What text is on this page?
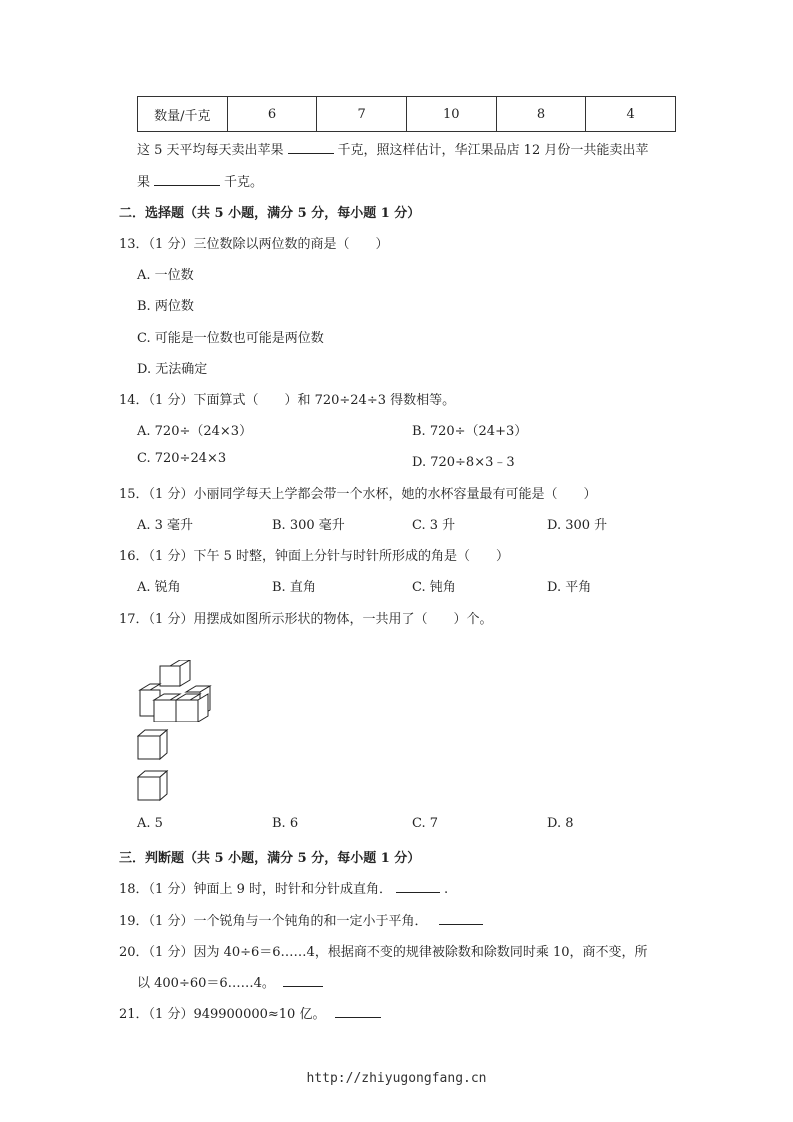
数量/千克	6	7	10	8	4
这 5 天平均每天卖出苹果	千克，照这样估计，华江果品店 12 月份一共能卖出苹
果	千克。
二．选择题（共 5 小题，满分 5 分，每小题 1 分）
13．（1 分）三位数除以两位数的商是（　　）
A. 一位数
B. 两位数
C. 可能是一位数也可能是两位数
D. 无法确定
14．（1 分）下面算式（　　）和 720÷24÷3 得数相等。
A. 720÷（24×3）	B. 720÷（24+3）
C. 720÷24×3	D. 720÷8×3﹣3
15．（1 分）小丽同学每天上学都会带一个水杯，她的水杯容量最有可能是（　　）
A. 3 毫升	B. 300 毫升	C. 3 升	D. 300 升
16．（1 分）下午 5 时整，钟面上分针与时针所形成的角是（　　）
A. 锐角	B. 直角	C. 钝角	D. 平角
17．（1 分）用摆成如图所示形状的物体，一共用了（　　）个。
A. 5	B. 6	C. 7	D. 8
三．判断题（共 5 小题，满分 5 分，每小题 1 分）
18．（1 分）钟面上 9 时，时针和分针成直角．	.
19．（1 分）一个锐角与一个钝角的和一定小于平角．
20．（1 分）因为 40÷6＝6……4，根据商不变的规律被除数和除数同时乘 10，商不变，所
以 400÷60＝6……4。
21．（1 分）949900000≈10 亿。
http://zhiyugongfang.cn
